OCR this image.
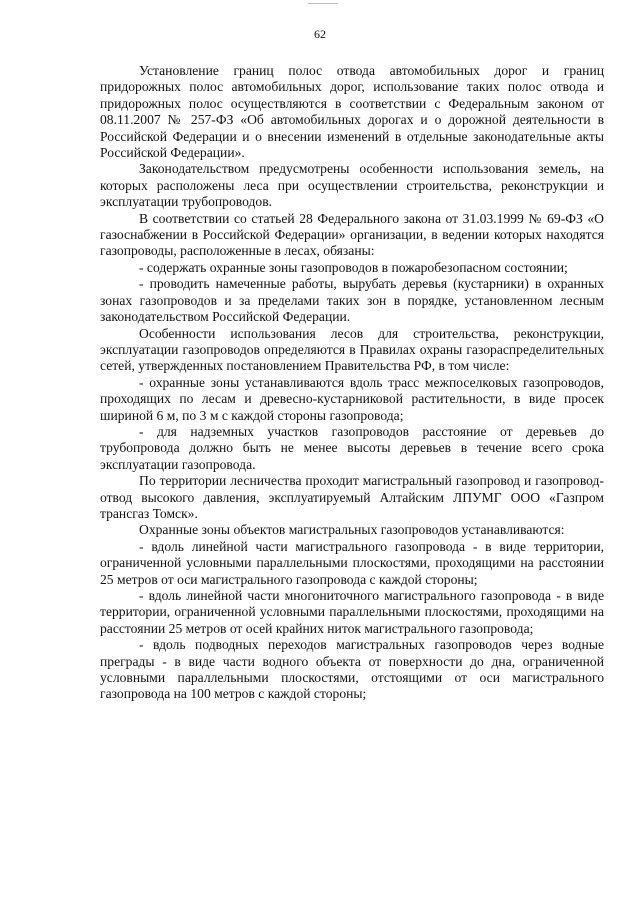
62

Установление границ полос отвода автомобильных дорог и границ придорожных полос автомобильных дорог, использование таких полос отвода и придорожных полос осуществляются в соответствии с Федеральным законом от 08.11.2007 № 257-ФЗ «Об автомобильных дорогах и о дорожной деятельности в Российской Федерации и о внесении изменений в отдельные законодательные акты Российской Федерации».

Законодательством предусмотрены особенности использования земель, на которых расположены леса при осуществлении строительства, реконструкции и эксплуатации трубопроводов.

В соответствии со статьей 28 Федерального закона от 31.03.1999 № 69-ФЗ «О газоснабжении в Российской Федерации» организации, в ведении которых находятся газопроводы, расположенные в лесах, обязаны:

- содержать охранные зоны газопроводов в пожаробезопасном состоянии;

- проводить намеченные работы, вырубать деревья (кустарники) в охранных зонах газопроводов и за пределами таких зон в порядке, установленном лесным законодательством Российской Федерации.

Особенности использования лесов для строительства, реконструкции, эксплуатации газопроводов определяются в Правилах охраны газораспределительных сетей, утвержденных постановлением Правительства РФ, в том числе:

- охранные зоны устанавливаются вдоль трасс межпоселковых газопроводов, проходящих по лесам и древесно-кустарниковой растительности, в виде просек шириной 6 м, по 3 м с каждой стороны газопровода;

- для надземных участков газопроводов расстояние от деревьев до трубопровода должно быть не менее высоты деревьев в течение всего срока эксплуатации газопровода.

По территории лесничества проходит магистральный газопровод и газопровод-отвод высокого давления, эксплуатируемый Алтайским ЛПУМГ ООО «Газпром трансгаз Томск».

Охранные зоны объектов магистральных газопроводов устанавливаются:

- вдоль линейной части магистрального газопровода - в виде территории, ограниченной условными параллельными плоскостями, проходящими на расстоянии 25 метров от оси магистрального газопровода с каждой стороны;

- вдоль линейной части многониточного магистрального газопровода - в виде территории, ограниченной условными параллельными плоскостями, проходящими на расстоянии 25 метров от осей крайних ниток магистрального газопровода;

- вдоль подводных переходов магистральных газопроводов через водные преграды - в виде части водного объекта от поверхности до дна, ограниченной условными параллельными плоскостями, отстоящими от оси магистрального газопровода на 100 метров с каждой стороны;
